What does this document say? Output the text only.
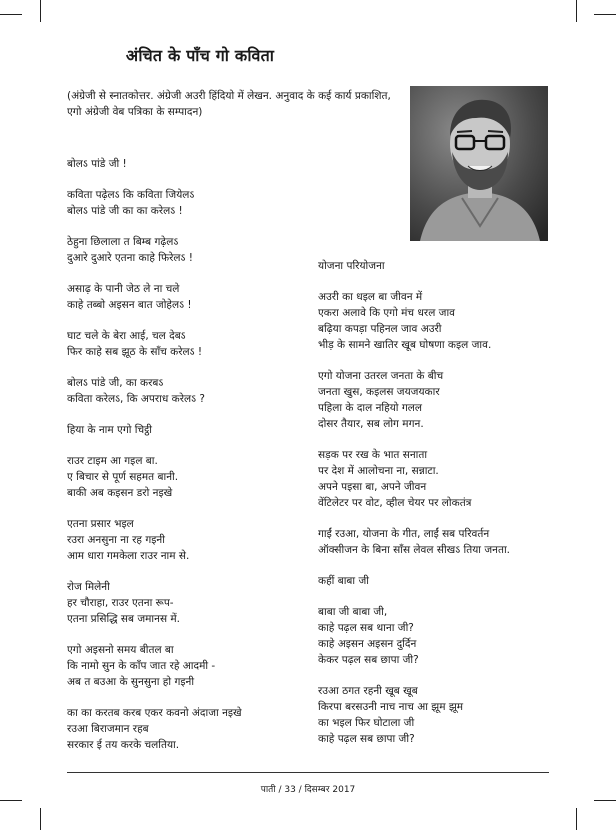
अंचित के पाँच गो कविता
(अंग्रेजी से स्नातकोत्तर. अंग्रेजी अउरी हिंदियो में लेखन. अनुवाद के कई कार्य प्रकाशित, एगो अंग्रेजी वेब पत्रिका के सम्पादन)

बोलऽ पांडे जी !

कविता पढ़ेलऽ कि कविता जियेलऽ

बोलऽ पांडे जी का का करेलऽ !

ठेहुना छिलाला त बिम्ब गढ़ेलऽ

दुआरे दुआरे एतना काहे फिरेलऽ !

असाढ़ के पानी जेठ ले ना चले

काहे तब्बो अइसन बात जोहेलऽ !

घाट चले के बेरा आई, चल देबऽ

फिर काहे सब झूठ के साँच करेलऽ !

बोलऽ पांडे जी, का करबऽ

कविता करेलऽ, कि अपराध करेलऽ ?

हिया के नाम एगो चिट्ठी

राउर टाइम आ गइल बा.

ए बिचार से पूर्ण सहमत बानी.

बाकी अब कइसन डरो नइखे

एतना प्रसार भइल

रउरा अनसुना ना रह गइनी

आम धारा गमकेला राउर नाम से.

रोज मिलेनी

हर चौराहा, राउर एतना रूप-

एतना प्रसिद्धि सब जमानस में.

एगो अइसनो समय बीतल बा

कि नामो सुन के काँप जात रहे आदमी -

अब त बउआ के सुनसुना हो गइनी

का का करतब करब एकर कवनो अंदाजा नइखे

रउआ बिराजमान रहब

सरकार ई तय करके चलतिया.

योजना परियोजना

अउरी का धइल बा जीवन में

एकरा अलावे कि एगो मंच धरल जाव

बढ़िया कपड़ा पहिनल जाव अउरी

भीड़ के सामने खातिर खूब घोषणा कइल जाव.

एगो योजना उतरल जनता के बीच

जनता खुस, कइलस जयजयकार

पहिला के दाल नहियो गलल

दोसर तैयार, सब लोग मगन.

सड़क पर रख के भात सनाता

पर देश में आलोचना ना, सन्नाटा.

अपने पइसा बा, अपने जीवन

वेंटिलेटर पर वोट, व्हील चेयर पर लोकतंत्र

गाईं रउआ, योजना के गीत, लाईं सब परिवर्तन

ऑक्सीजन के बिना साँस लेवल सीखऽ तिया जनता.

कहीं बाबा जी

बाबा जी बाबा जी,

काहे पढ़ल सब थाना जी?

काहे अइसन अइसन दुर्दिन

केकर पढ़ल सब छापा जी?

रउआ ठगत रहनी खूब खूब

किरपा बरसउनी नाच नाच आ झूम झूम

का भइल फिर घोटाला जी

काहे पढ़ल सब छापा जी?

पाती / 33 / दिसम्बर 2017
